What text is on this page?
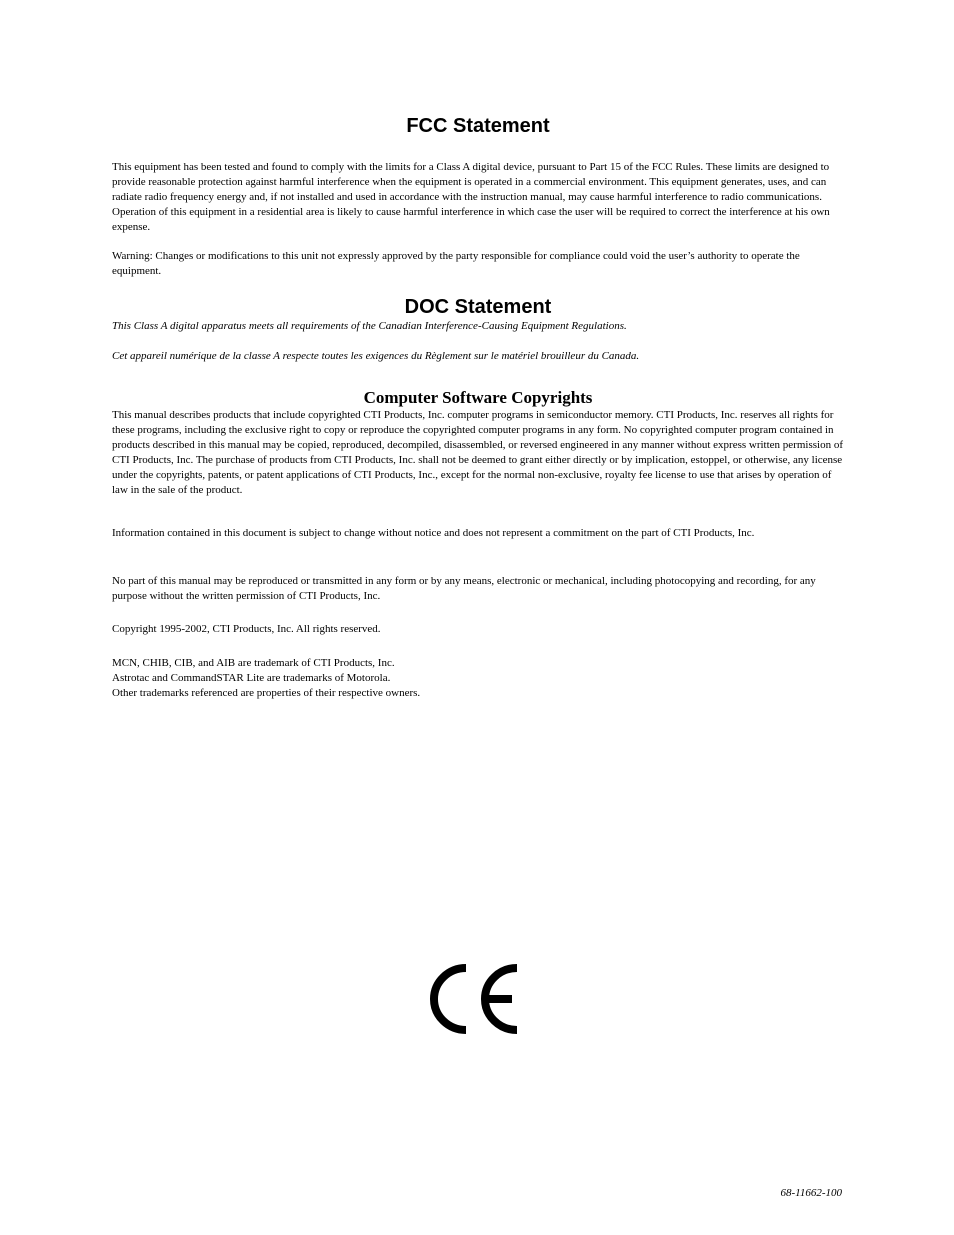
FCC Statement

This equipment has been tested and found to comply with the limits for a Class A digital device, pursuant to Part 15 of the FCC Rules. These limits are designed to provide reasonable protection against harmful interference when the equipment is operated in a commercial environment. This equipment generates, uses, and can radiate radio frequency energy and, if not installed and used in accordance with the instruction manual, may cause harmful interference to radio communications. Operation of this equipment in a residential area is likely to cause harmful interference in which case the user will be required to correct the interference at his own expense.

Warning: Changes or modifications to this unit not expressly approved by the party responsible for compliance could void the user’s authority to operate the equipment.

DOC Statement

This Class A digital apparatus meets all requirements of the Canadian Interference-Causing Equipment Regulations.

Cet appareil numérique de la classe A respecte toutes les exigences du Règlement sur le matériel brouilleur du Canada.

Computer Software Copyrights

This manual describes products that include copyrighted CTI Products, Inc. computer programs in semiconductor memory. CTI Products, Inc. reserves all rights for these programs, including the exclusive right to copy or reproduce the copyrighted computer programs in any form. No copyrighted computer program contained in products described in this manual may be copied, reproduced, decompiled, disassembled, or reversed engineered in any manner without express written permission of CTI Products, Inc. The purchase of products from CTI Products, Inc. shall not be deemed to grant either directly or by implication, estoppel, or otherwise, any license under the copyrights, patents, or patent applications of CTI Products, Inc., except for the normal non-exclusive, royalty fee license to use that arises by operation of law in the sale of the product.

Information contained in this document is subject to change without notice and does not represent a commitment on the part of CTI Products, Inc.

No part of this manual may be reproduced or transmitted in any form or by any means, electronic or mechanical, including photocopying and recording, for any purpose without the written permission of CTI Products, Inc.

Copyright 1995-2002, CTI Products, Inc. All rights reserved.

MCN, CHIB, CIB, and AIB are trademark of CTI Products, Inc.

Astrotac and CommandSTAR Lite are trademarks of Motorola.

Other trademarks referenced are properties of their respective owners.

68-11662-100
